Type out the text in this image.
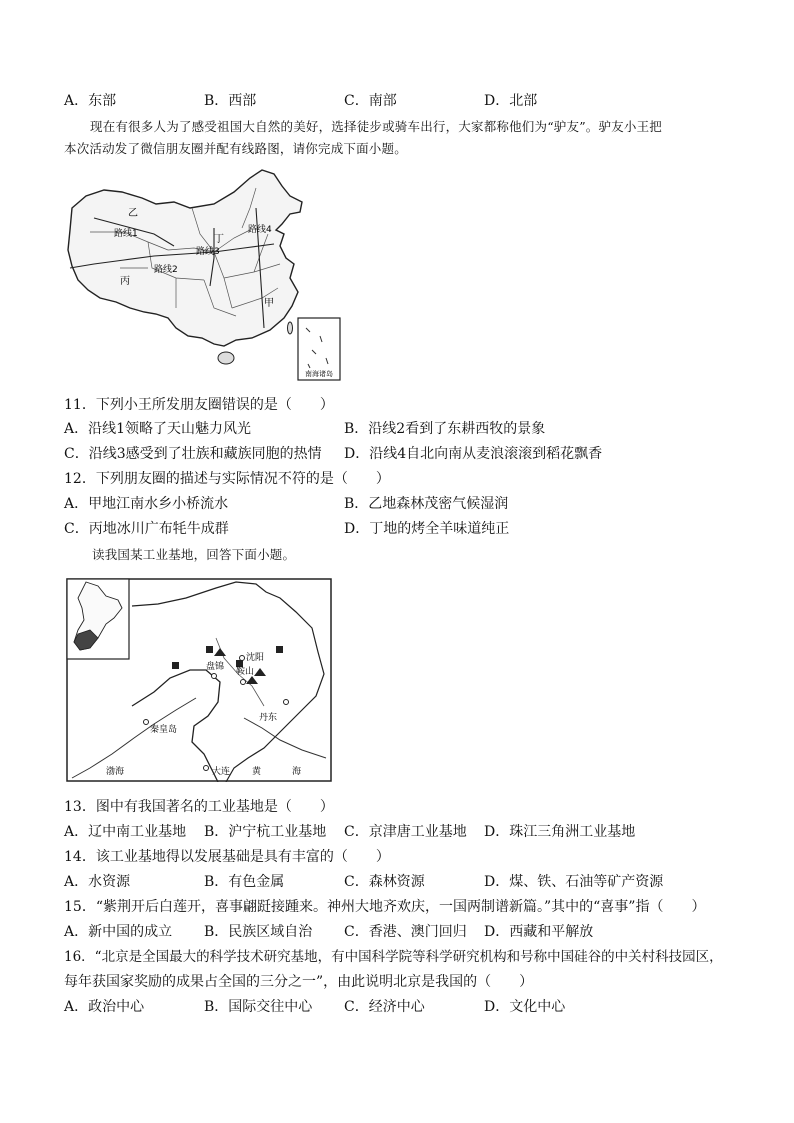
A．东部	B．西部	C．南部	D．北部
现在有很多人为了感受祖国大自然的美好，选择徒步或骑车出行，大家都称他们为“驴友”。驴友小王把
本次活动发了微信朋友圈并配有线路图，请你完成下面小题。
南海诸岛
乙
丙
丁
甲
路线1
路线2
路线3
路线4
11．下列小王所发朋友圈错误的是（　　）
A．沿线1领略了天山魅力风光	B．沿线2看到了东耕西牧的景象
C．沿线3感受到了壮族和藏族同胞的热情 D．沿线4自北向南从麦浪滚滚到稻花飘香
12．下列朋友圈的描述与实际情况不符的是（　　）
A．甲地江南水乡小桥流水	B．乙地森林茂密气候湿润
C．丙地冰川广布牦牛成群	D．丁地的烤全羊味道纯正
读我国某工业基地，回答下面小题。
盘锦
沈阳
鞍山
丹东
秦皇岛
大连
渤海	黄	海
13．图中有我国著名的工业基地是（　　）
A．辽中南工业基地 B．沪宁杭工业基地 C．京津唐工业基地 D．珠江三角洲工业基地
14．该工业基地得以发展基础是具有丰富的（　　）
A．水资源	B．有色金属	C．森林资源	D．煤、铁、石油等矿产资源
15．“紫荆开后白莲开，喜事翩跹接踵来。神州大地齐欢庆，一国两制谱新篇。”其中的“喜事”指（　　）
A．新中国的成立 B．民族区域自治 C．香港、澳门回归 D．西藏和平解放
16．“北京是全国最大的科学技术研究基地，有中国科学院等科学研究机构和号称中国硅谷的中关村科技园区，
每年获国家奖励的成果占全国的三分之一”，由此说明北京是我国的（　　）
A．政治中心	B．国际交往中心 C．经济中心	D．文化中心
